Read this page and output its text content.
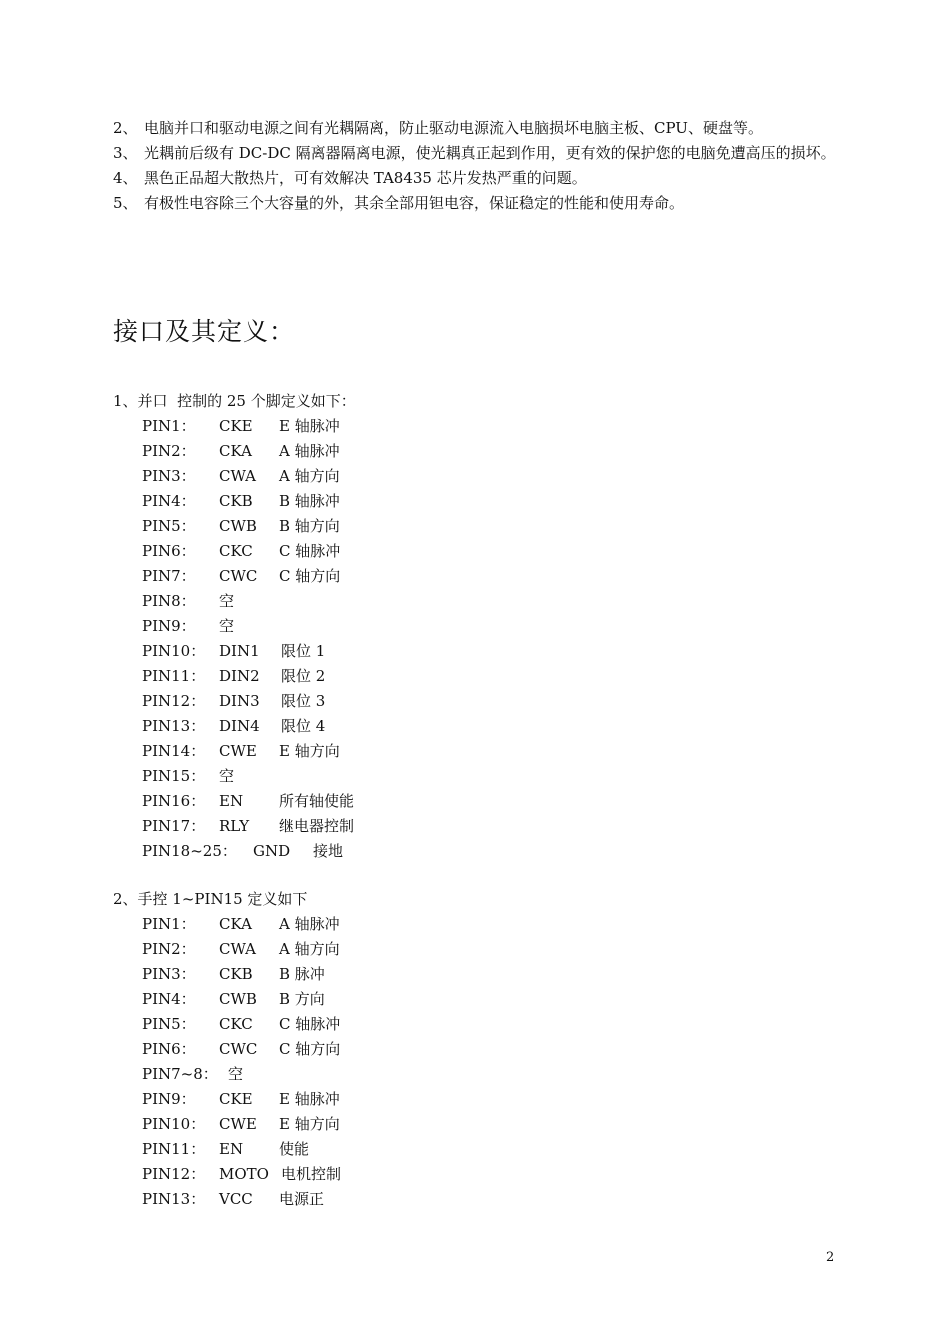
2、 电脑并口和驱动电源之间有光耦隔离，防止驱动电源流入电脑损坏电脑主板、CPU、硬盘等。
3、 光耦前后级有 DC-DC 隔离器隔离电源，使光耦真正起到作用，更有效的保护您的电脑免遭高压的损坏。
4、 黑色正品超大散热片，可有效解决 TA8435 芯片发热严重的问题。
5、 有极性电容除三个大容量的外，其余全部用钽电容，保证稳定的性能和使用寿命。
接口及其定义：
1、并口  控制的 25 个脚定义如下：
PIN1： CKE E 轴脉冲
PIN2： CKA A 轴脉冲
PIN3： CWA A 轴方向
PIN4： CKB B 轴脉冲
PIN5： CWB B 轴方向
PIN6： CKC C 轴脉冲
PIN7： CWC C 轴方向
PIN8： 空
PIN9： 空
PIN10： DIN1 限位 1
PIN11： DIN2 限位 2
PIN12： DIN3 限位 3
PIN13： DIN4 限位 4
PIN14： CWE E 轴方向
PIN15： 空
PIN16： EN 所有轴使能
PIN17： RLY 继电器控制
PIN18~25： GND 接地
2、手控 1~PIN15 定义如下
PIN1： CKA A 轴脉冲
PIN2： CWA A 轴方向
PIN3： CKB B 脉冲
PIN4： CWB B 方向
PIN5： CKC C 轴脉冲
PIN6： CWC C 轴方向
PIN7~8： 空
PIN9： CKE E 轴脉冲
PIN10： CWE E 轴方向
PIN11： EN 使能
PIN12： MOTO 电机控制
PIN13： VCC 电源正
2
